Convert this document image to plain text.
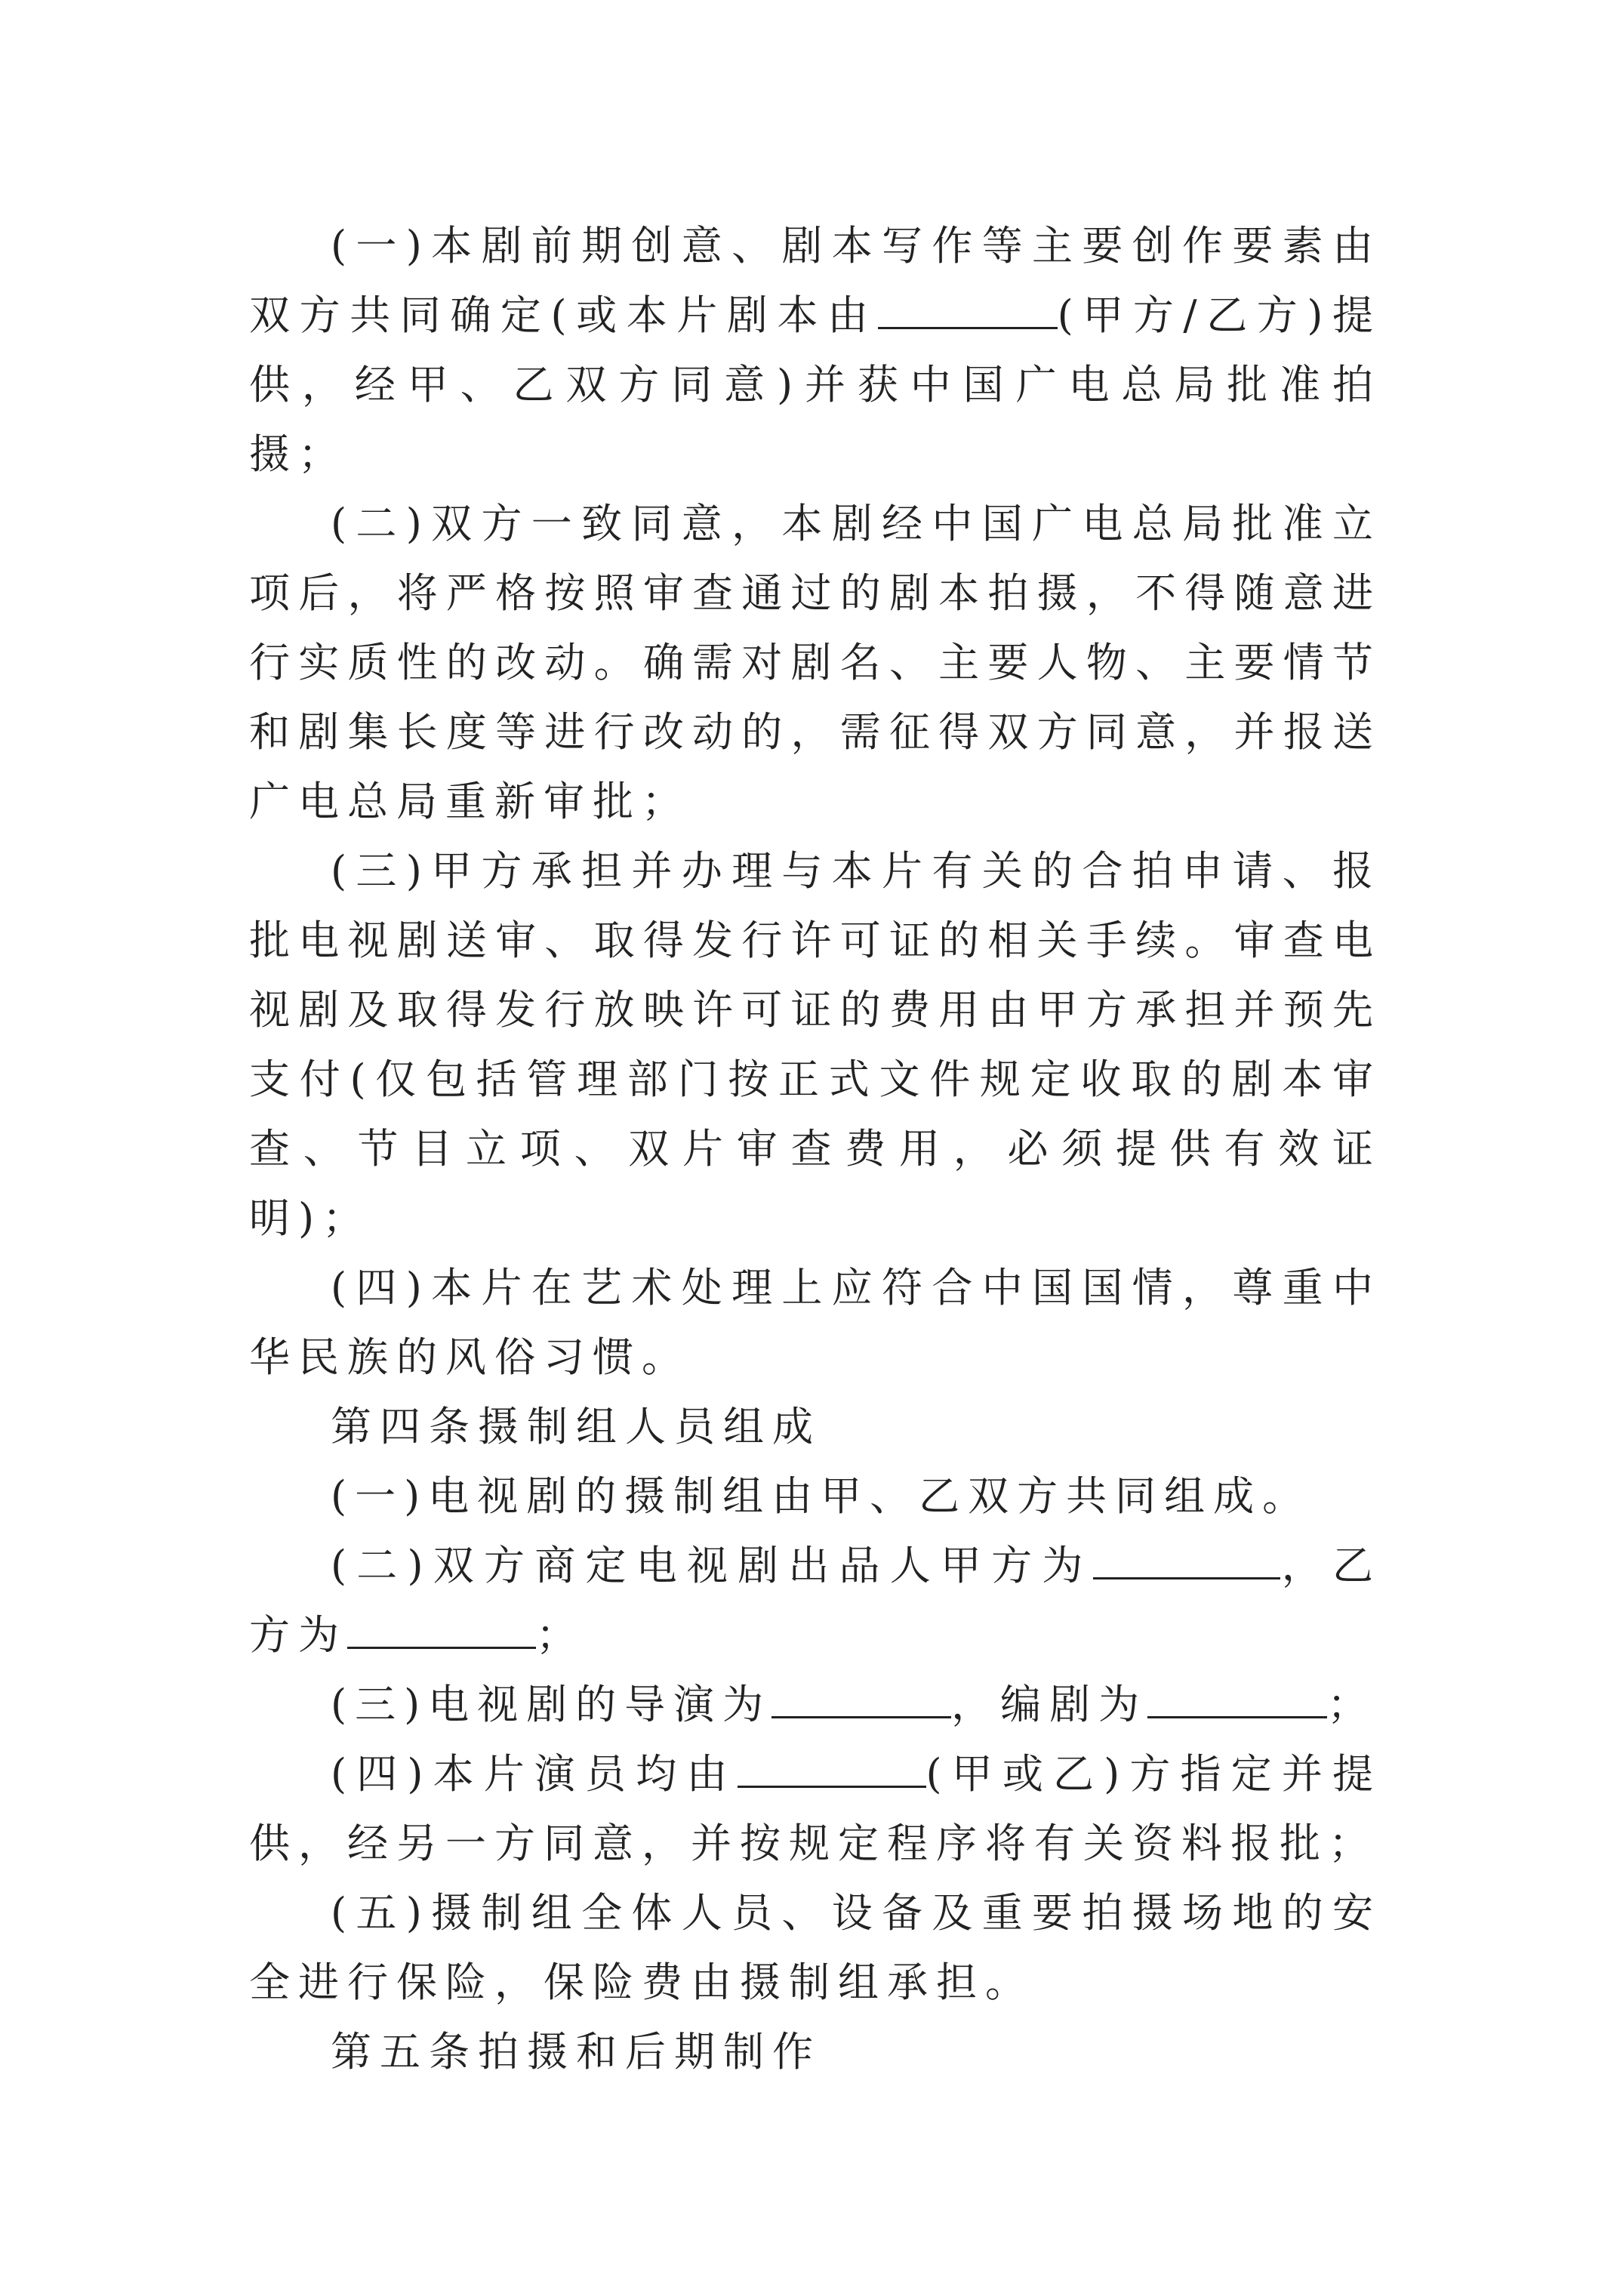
(一)本剧前期创意、剧本写作等主要创作要素由双方共同确定(或本片剧本由	(甲方/乙方)提供，经甲、乙双方同意)并获中国广电总局批准拍摄；

(二)双方一致同意，本剧经中国广电总局批准立项后，将严格按照审查通过的剧本拍摄，不得随意进行实质性的改动。确需对剧名、主要人物、主要情节和剧集长度等进行改动的，需征得双方同意，并报送广电总局重新审批；

(三)甲方承担并办理与本片有关的合拍申请、报批电视剧送审、取得发行许可证的相关手续。审查电视剧及取得发行放映许可证的费用由甲方承担并预先支付(仅包括管理部门按正式文件规定收取的剧本审查、节目立项、双片审查费用，必须提供有效证明)；

(四)本片在艺术处理上应符合中国国情，尊重中华民族的风俗习惯。

第四条摄制组人员组成

(一)电视剧的摄制组由甲、乙双方共同组成。

(二)双方商定电视剧出品人甲方为	，乙方为	；

(三)电视剧的导演为	，编剧为	；

(四)本片演员均由	(甲或乙)方指定并提供，经另一方同意，并按规定程序将有关资料报批；

(五)摄制组全体人员、设备及重要拍摄场地的安全进行保险，保险费由摄制组承担。

第五条拍摄和后期制作
